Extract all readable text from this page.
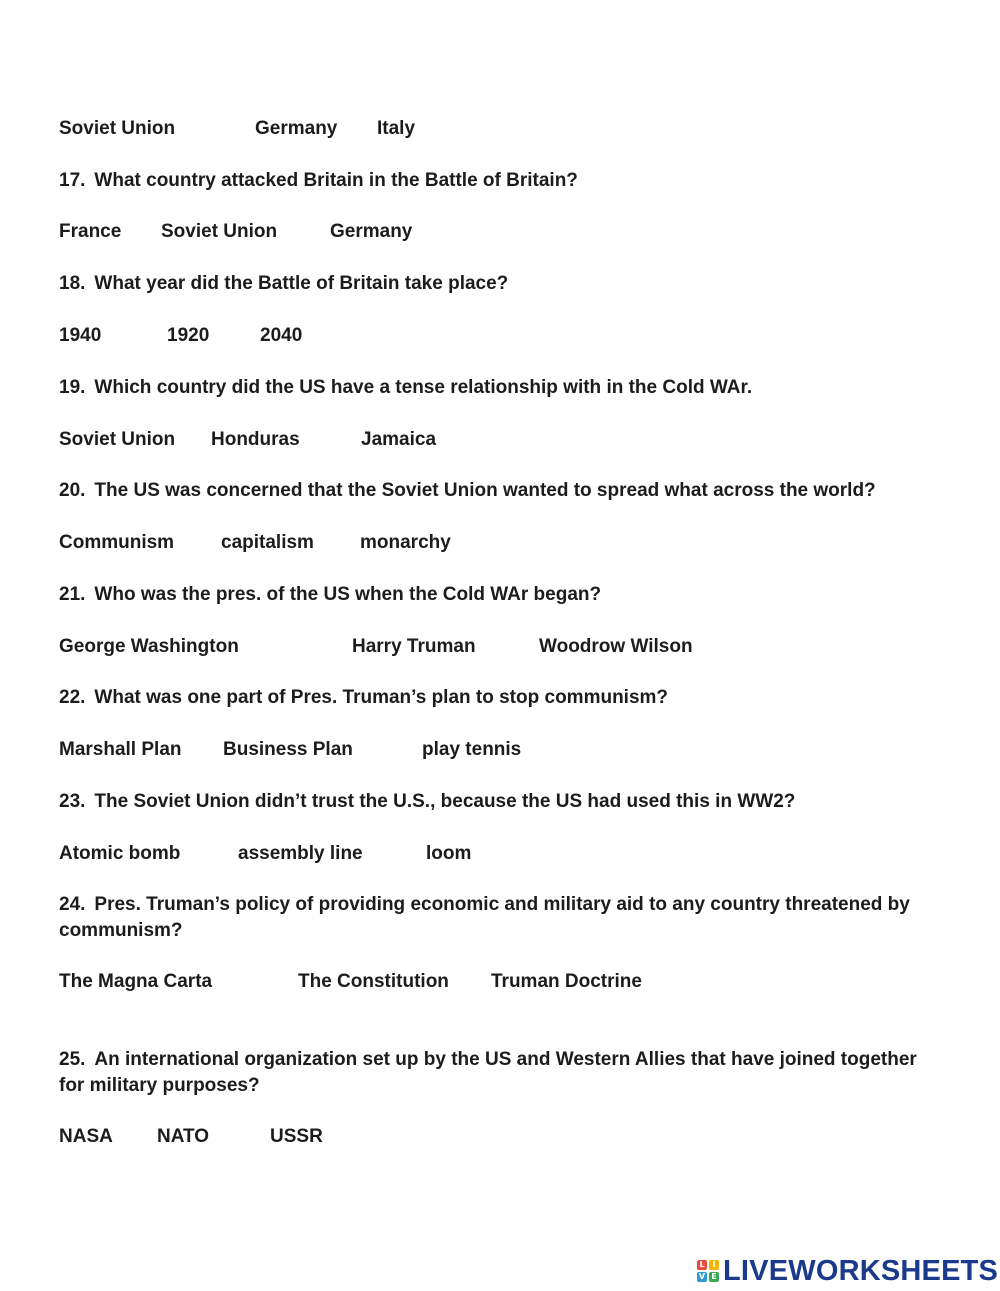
Soviet Union	Germany Italy
17. What country attacked Britain in the Battle of Britain?
France Soviet Union	Germany
18. What year did the Battle of Britain take place?
1940	1920	2040
19. Which country did the US have a tense relationship with in the Cold WAr.
Soviet Union Honduras	Jamaica
20. The US was concerned that the Soviet Union wanted to spread what across the world?
Communism capitalism monarchy
21. Who was the pres. of the US when the Cold WAr began?
George Washington	Harry Truman	Woodrow Wilson
22. What was one part of Pres. Truman’s plan to stop communism?
Marshall Plan Business Plan	play tennis
23. The Soviet Union didn’t trust the U.S., because the US had used this in WW2?
Atomic bomb	assembly line	loom
24. Pres. Truman’s policy of providing economic and military aid to any country threatened by communism?
The Magna Carta	The Constitution Truman Doctrine
25. An international organization set up by the US and Western Allies that have joined together for military purposes?
NASA NATO	USSR
L I
V E LIVEWORKSHEETS
